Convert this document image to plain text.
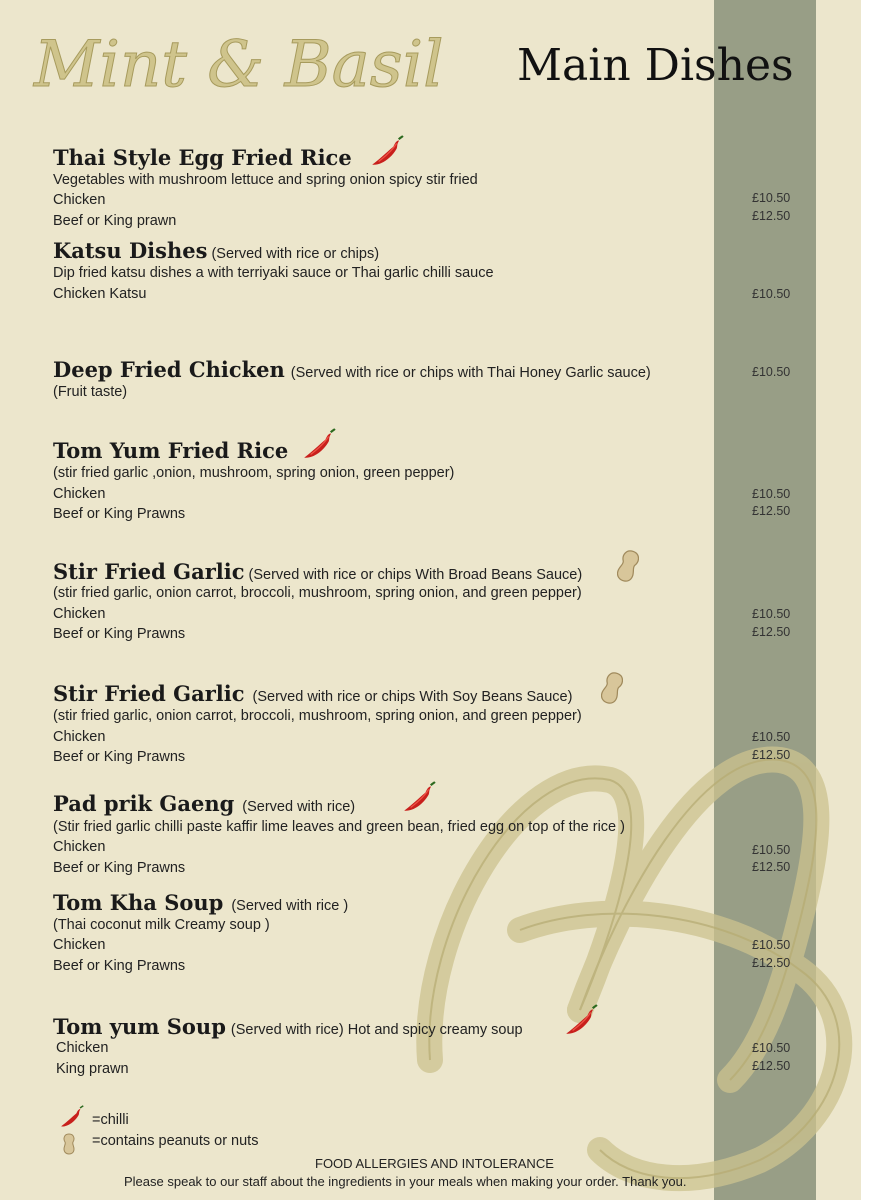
Mint & Basil Main Dishes
Thai Style Egg Fried Rice
Vegetables with mushroom lettuce and spring onion spicy stir fried
Chicken
Beef or King prawn
£10.50
£12.50
Katsu Dishes (Served with rice or chips)
Dip fried katsu dishes a with terriyaki sauce or Thai garlic chilli sauce
Chicken Katsu	£10.50
Deep Fried Chicken (Served with rice or chips with Thai Honey Garlic sauce)
(Fruit taste)
£10.50
Tom Yum Fried Rice
(stir fried garlic ,onion, mushroom, spring onion, green pepper)
Chicken
Beef or King Prawns
£10.50
£12.50
Stir Fried Garlic (Served with rice or chips With Broad Beans Sauce)
(stir fried garlic, onion carrot, broccoli, mushroom, spring onion, and green pepper)
Chicken
Beef or King Prawns
£10.50
£12.50
Stir Fried Garlic (Served with rice or chips With Soy Beans Sauce)
(stir fried garlic, onion carrot, broccoli, mushroom, spring onion, and green pepper)
Chicken
Beef or King Prawns
£10.50
£12.50
Pad prik Gaeng (Served with rice)
(Stir fried garlic chilli paste kaffir lime leaves and green bean, fried egg on top of the rice )
Chicken
Beef or King Prawns
£10.50
£12.50
Tom Kha Soup (Served with rice )
(Thai coconut milk Creamy soup )
Chicken
Beef or King Prawns
£10.50
£12.50
Tom yum Soup (Served with rice) Hot and spicy creamy soup
Chicken
King prawn
£10.50
£12.50
=chilli
=contains peanuts or nuts
FOOD ALLERGIES AND INTOLERANCE
Please speak to our staff about the ingredients in your meals when making your order. Thank you.
